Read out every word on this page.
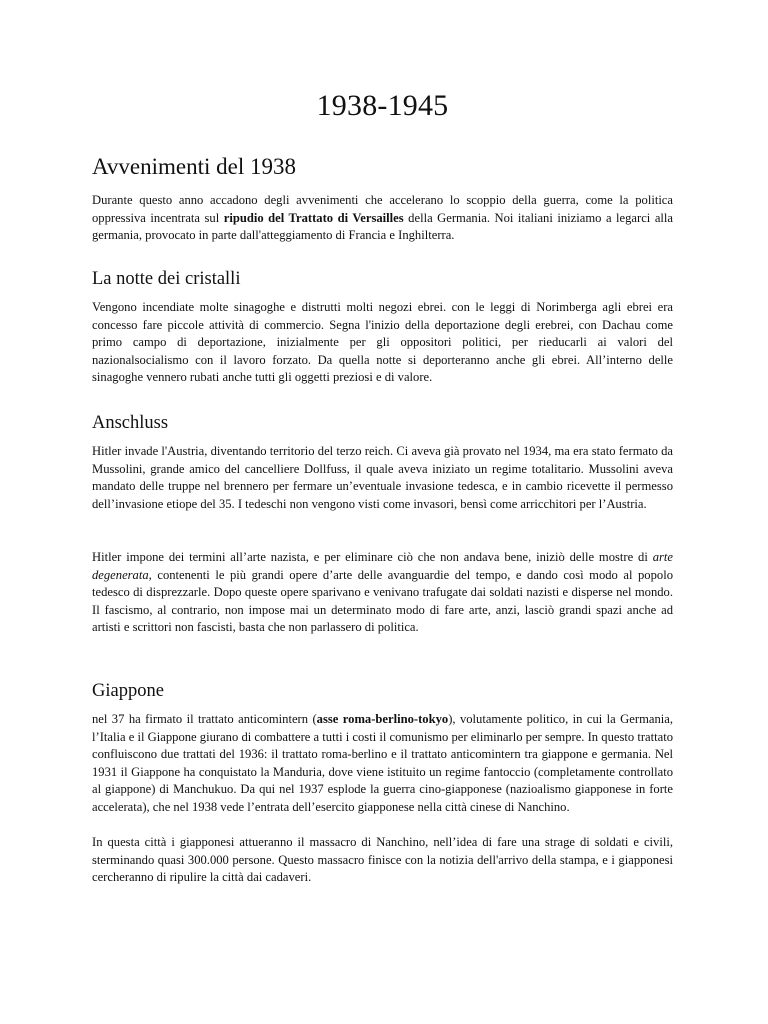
1938-1945
Avvenimenti del 1938

Durante questo anno accadono degli avvenimenti che accelerano lo scoppio della guerra, come la politica oppressiva incentrata sul ripudio del Trattato di Versailles della Germania. Noi italiani iniziamo a legarci alla germania, provocato in parte dall'atteggiamento di Francia e Inghilterra.

La notte dei cristalli

Vengono incendiate molte sinagoghe e distrutti molti negozi ebrei. con le leggi di Norimberga agli ebrei era concesso fare piccole attività di commercio. Segna l'inizio della deportazione degli erebrei, con Dachau come primo campo di deportazione, inizialmente per gli oppositori politici, per rieducarli ai valori del nazionalsocialismo con il lavoro forzato. Da quella notte si deporteranno anche gli ebrei. All’interno delle sinagoghe vennero rubati anche tutti gli oggetti preziosi e di valore.

Anschluss

Hitler invade l'Austria, diventando territorio del terzo reich. Ci aveva già provato nel 1934, ma era stato fermato da Mussolini, grande amico del cancelliere Dollfuss, il quale aveva iniziato un regime totalitario. Mussolini aveva mandato delle truppe nel brennero per fermare un’eventuale invasione tedesca, e in cambio ricevette il permesso dell’invasione etiope del 35. I tedeschi non vengono visti come invasori, bensì come arricchitori per l’Austria.

Hitler impone dei termini all’arte nazista, e per eliminare ciò che non andava bene, iniziò delle mostre di arte degenerata, contenenti le più grandi opere d’arte delle avanguardie del tempo, e dando così modo al popolo tedesco di disprezzarle. Dopo queste opere sparivano e venivano trafugate dai soldati nazisti e disperse nel mondo. Il fascismo, al contrario, non impose mai un determinato modo di fare arte, anzi, lasciò grandi spazi anche ad artisti e scrittori non fascisti, basta che non parlassero di politica.

Giappone

nel 37 ha firmato il trattato anticomintern (asse roma-berlino-tokyo), volutamente politico, in cui la Germania, l’Italia e il Giappone giurano di combattere a tutti i costi il comunismo per eliminarlo per sempre. In questo trattato confluiscono due trattati del 1936: il trattato roma-berlino e il trattato anticomintern tra giappone e germania. Nel 1931 il Giappone ha conquistato la Manduria, dove viene istituito un regime fantoccio (completamente controllato al giappone) di Manchukuo. Da qui nel 1937 esplode la guerra cino-giapponese (nazioalismo giapponese in forte accelerata), che nel 1938 vede l’entrata dell’esercito giapponese nella città cinese di Nanchino.

In questa città i giapponesi attueranno il massacro di Nanchino, nell’idea di fare una strage di soldati e civili, sterminando quasi 300.000 persone. Questo massacro finisce con la notizia dell'arrivo della stampa, e i giapponesi cercheranno di ripulire la città dai cadaveri.
